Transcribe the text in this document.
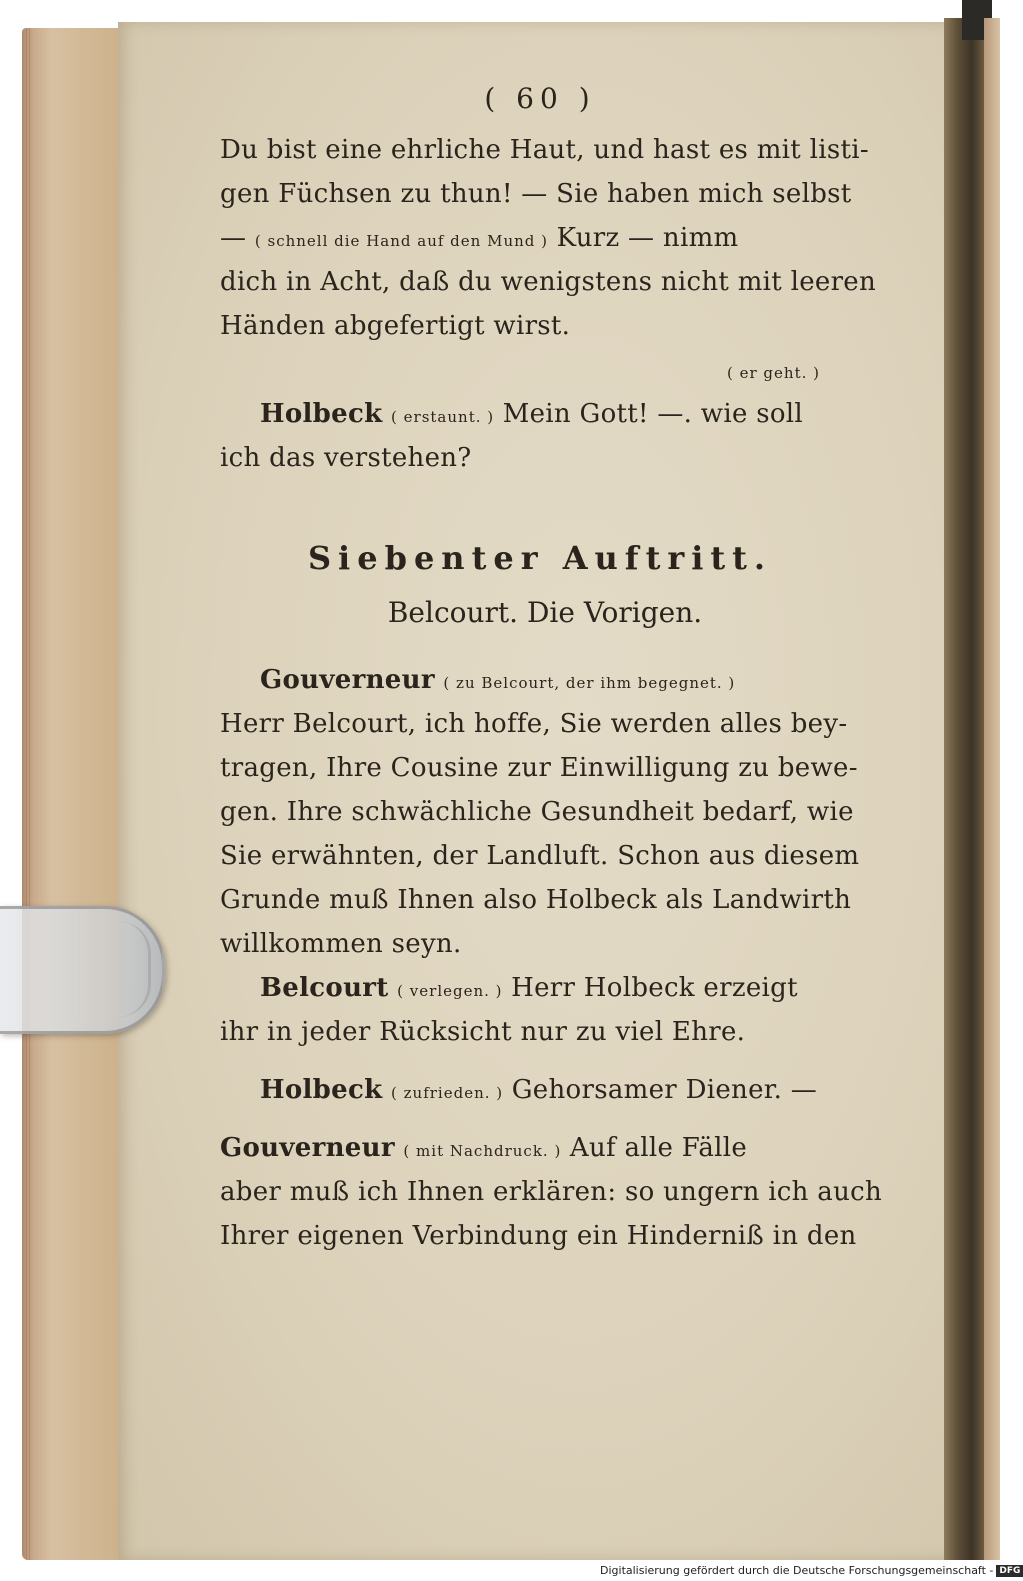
( 60 )
Du bist eine ehrliche Haut, und hast es mit listi-
gen Füchsen zu thun! — Sie haben mich selbst
— ( schnell die Hand auf den Mund ) Kurz — nimm
dich in Acht, daß du wenigstens nicht mit leeren
Händen abgefertigt wirst.
( er geht. )
Holbeck ( erstaunt. ) Mein Gott! —. wie soll
ich das verstehen?
Siebenter Auftritt.
Belcourt. Die Vorigen.
Gouverneur ( zu Belcourt, der ihm begegnet. )
Herr Belcourt, ich hoffe, Sie werden alles bey-
tragen, Ihre Cousine zur Einwilligung zu bewe-
gen. Ihre schwächliche Gesundheit bedarf, wie
Sie erwähnten, der Landluft. Schon aus diesem
Grunde muß Ihnen also Holbeck als Landwirth
willkommen seyn.
Belcourt ( verlegen. ) Herr Holbeck erzeigt
ihr in jeder Rücksicht nur zu viel Ehre.
Holbeck ( zufrieden. ) Gehorsamer Diener. —
Gouverneur ( mit Nachdruck. ) Auf alle Fälle
aber muß ich Ihnen erklären: so ungern ich auch
Ihrer eigenen Verbindung ein Hinderniß in den
Digitalisierung gefördert durch die Deutsche Forschungsgemeinschaft - DFG
